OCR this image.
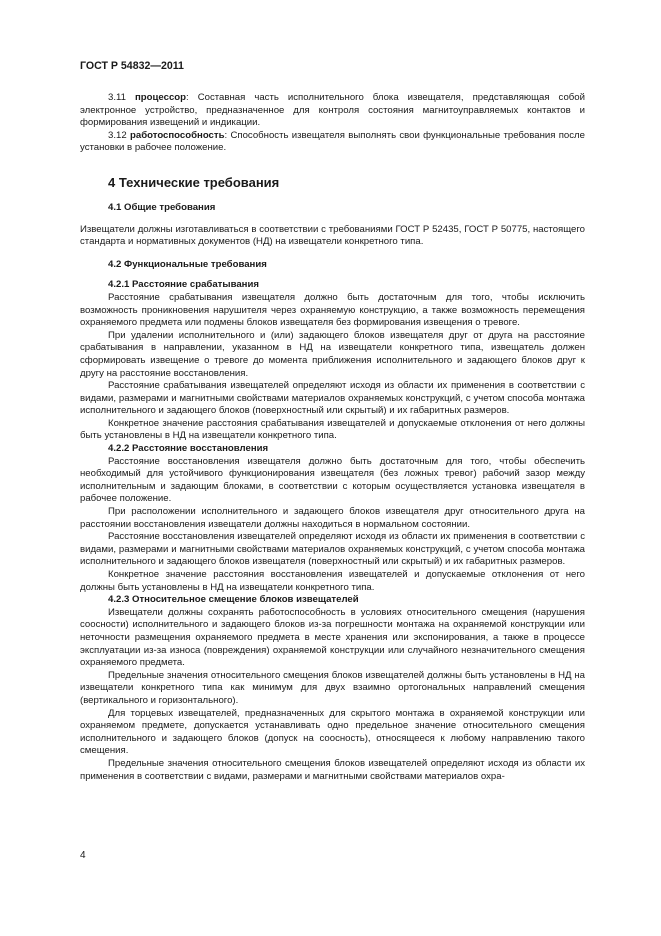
ГОСТ Р 54832—2011

3.11 процессор: Составная часть исполнительного блока извещателя, представляющая собой электронное устройство, предназначенное для контроля состояния магнитоуправляемых контактов и формирования извещений и индикации.

3.12 работоспособность: Способность извещателя выполнять свои функциональные требования после установки в рабочее положение.

4 Технические требования

4.1 Общие требования

Извещатели должны изготавливаться в соответствии с требованиями ГОСТ Р 52435, ГОСТ Р 50775, настоящего стандарта и нормативных документов (НД) на извещатели конкретного типа.

4.2 Функциональные требования

4.2.1 Расстояние срабатывания

Расстояние срабатывания извещателя должно быть достаточным для того, чтобы исключить возможность проникновения нарушителя через охраняемую конструкцию, а также возможность перемещения охраняемого предмета или подмены блоков извещателя без формирования извещения о тревоге.

При удалении исполнительного и (или) задающего блоков извещателя друг от друга на расстояние срабатывания в направлении, указанном в НД на извещатели конкретного типа, извещатель должен сформировать извещение о тревоге до момента приближения исполнительного и задающего блоков друг к другу на расстояние восстановления.

Расстояние срабатывания извещателей определяют исходя из области их применения в соответствии с видами, размерами и магнитными свойствами материалов охраняемых конструкций, с учетом способа монтажа исполнительного и задающего блоков (поверхностный или скрытый) и их габаритных размеров.

Конкретное значение расстояния срабатывания извещателей и допускаемые отклонения от него должны быть установлены в НД на извещатели конкретного типа.

4.2.2 Расстояние восстановления

Расстояние восстановления извещателя должно быть достаточным для того, чтобы обеспечить необходимый для устойчивого функционирования извещателя (без ложных тревог) рабочий зазор между исполнительным и задающим блоками, в соответствии с которым осуществляется установка извещателя в рабочее положение.

При расположении исполнительного и задающего блоков извещателя друг относительного друга на расстоянии восстановления извещатели должны находиться в нормальном состоянии.

Расстояние восстановления извещателей определяют исходя из области их применения в соответствии с видами, размерами и магнитными свойствами материалов охраняемых конструкций, с учетом способа монтажа исполнительного и задающего блоков извещателя (поверхностный или скрытый) и их габаритных размеров.

Конкретное значение расстояния восстановления извещателей и допускаемые отклонения от него должны быть установлены в НД на извещатели конкретного типа.

4.2.3 Относительное смещение блоков извещателей

Извещатели должны сохранять работоспособность в условиях относительного смещения (нарушения соосности) исполнительного и задающего блоков из-за погрешности монтажа на охраняемой конструкции или неточности размещения охраняемого предмета в месте хранения или экспонирования, а также в процессе эксплуатации из-за износа (повреждения) охраняемой конструкции или случайного незначительного смещения охраняемого предмета.

Предельные значения относительного смещения блоков извещателей должны быть установлены в НД на извещатели конкретного типа как минимум для двух взаимно ортогональных направлений смещения (вертикального и горизонтального).

Для торцевых извещателей, предназначенных для скрытого монтажа в охраняемой конструкции или охраняемом предмете, допускается устанавливать одно предельное значение относительного смещения исполнительного и задающего блоков (допуск на соосность), относящееся к любому направлению такого смещения.

Предельные значения относительного смещения блоков извещателей определяют исходя из области их применения в соответствии с видами, размерами и магнитными свойствами материалов охра-

4
